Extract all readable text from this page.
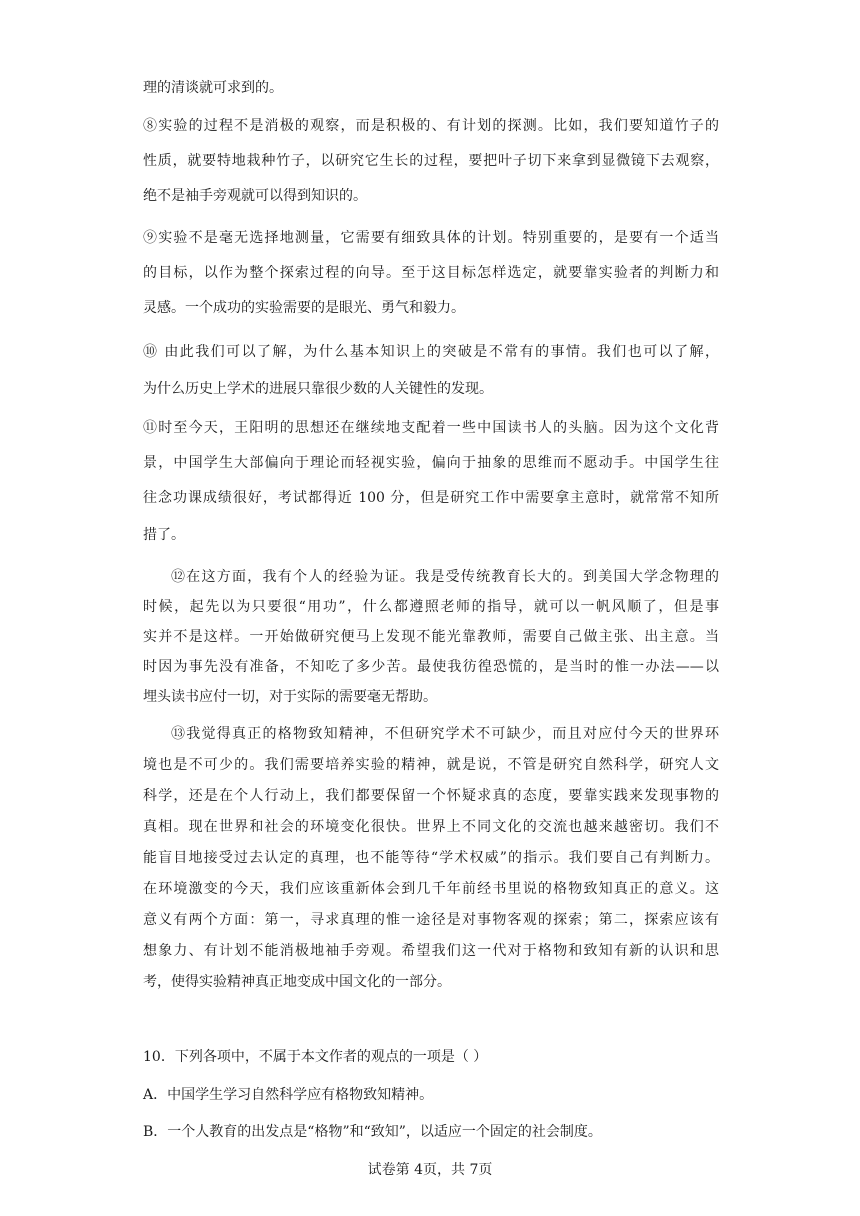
理的清谈就可求到的。
⑧实验的过程不是消极的观察，而是积极的、有计划的探测。比如，我们要知道竹子的
性质，就要特地栽种竹子，以研究它生长的过程，要把叶子切下来拿到显微镜下去观察，
绝不是袖手旁观就可以得到知识的。
⑨实验不是毫无选择地测量，它需要有细致具体的计划。特别重要的，是要有一个适当
的目标，以作为整个探索过程的向导。至于这目标怎样选定，就要靠实验者的判断力和
灵感。一个成功的实验需要的是眼光、勇气和毅力。
⑩ 由此我们可以了解，为什么基本知识上的突破是不常有的事情。我们也可以了解，
为什么历史上学术的进展只靠很少数的人关键性的发现。
⑪时至今天，王阳明的思想还在继续地支配着一些中国读书人的头脑。因为这个文化背
景，中国学生大部偏向于理论而轻视实验，偏向于抽象的思维而不愿动手。中国学生往
往念功课成绩很好，考试都得近 100 分，但是研究工作中需要拿主意时，就常常不知所
措了。
⑫在这方面，我有个人的经验为证。我是受传统教育长大的。到美国大学念物理的
时候，起先以为只要很“用功”，什么都遵照老师的指导，就可以一帆风顺了，但是事
实并不是这样。一开始做研究便马上发现不能光靠教师，需要自己做主张、出主意。当
时因为事先没有准备，不知吃了多少苦。最使我彷徨恐慌的，是当时的惟一办法——以
埋头读书应付一切，对于实际的需要毫无帮助。
⑬我觉得真正的格物致知精神，不但研究学术不可缺少，而且对应付今天的世界环
境也是不可少的。我们需要培养实验的精神，就是说，不管是研究自然科学，研究人文
科学，还是在个人行动上，我们都要保留一个怀疑求真的态度，要靠实践来发现事物的
真相。现在世界和社会的环境变化很快。世界上不同文化的交流也越来越密切。我们不
能盲目地接受过去认定的真理，也不能等待“学术权威”的指示。我们要自己有判断力。
在环境激变的今天，我们应该重新体会到几千年前经书里说的格物致知真正的意义。这
意义有两个方面：第一，寻求真理的惟一途径是对事物客观的探索；第二，探索应该有
想象力、有计划不能消极地袖手旁观。希望我们这一代对于格物和致知有新的认识和思
考，使得实验精神真正地变成中国文化的一部分。

10．下列各项中，不属于本文作者的观点的一项是（ ）

A．中国学生学习自然科学应有格物致知精神。

B．一个人教育的出发点是“格物”和“致知”，以适应一个固定的社会制度。

试卷第 4页，共 7页
